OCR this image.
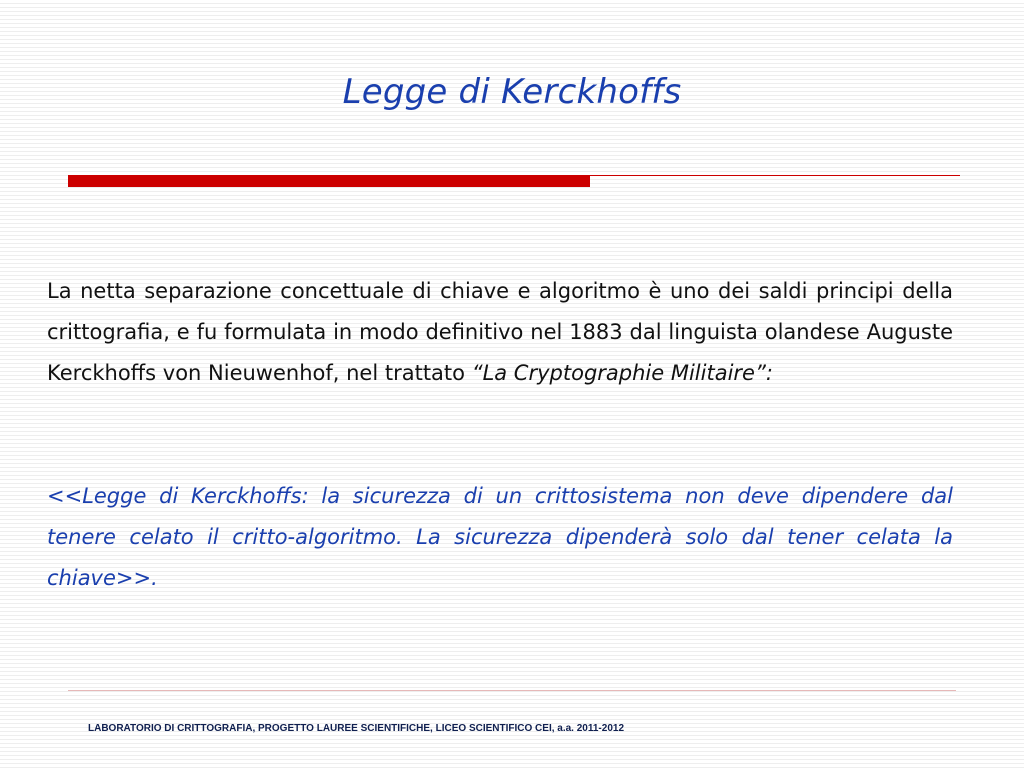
Legge di Kerckhoffs

La netta separazione concettuale di chiave e algoritmo è uno dei saldi principi della crittografia, e fu formulata in modo definitivo nel 1883 dal linguista olandese Auguste Kerckhoffs von Nieuwenhof, nel trattato “La Cryptographie Militaire”:

<<Legge di Kerckhoffs: la sicurezza di un crittosistema non deve dipendere dal tenere celato il critto-algoritmo. La sicurezza dipenderà solo dal tener celata la chiave>>.

LABORATORIO DI CRITTOGRAFIA, PROGETTO LAUREE SCIENTIFICHE, LICEO SCIENTIFICO CEI, a.a. 2011-2012
